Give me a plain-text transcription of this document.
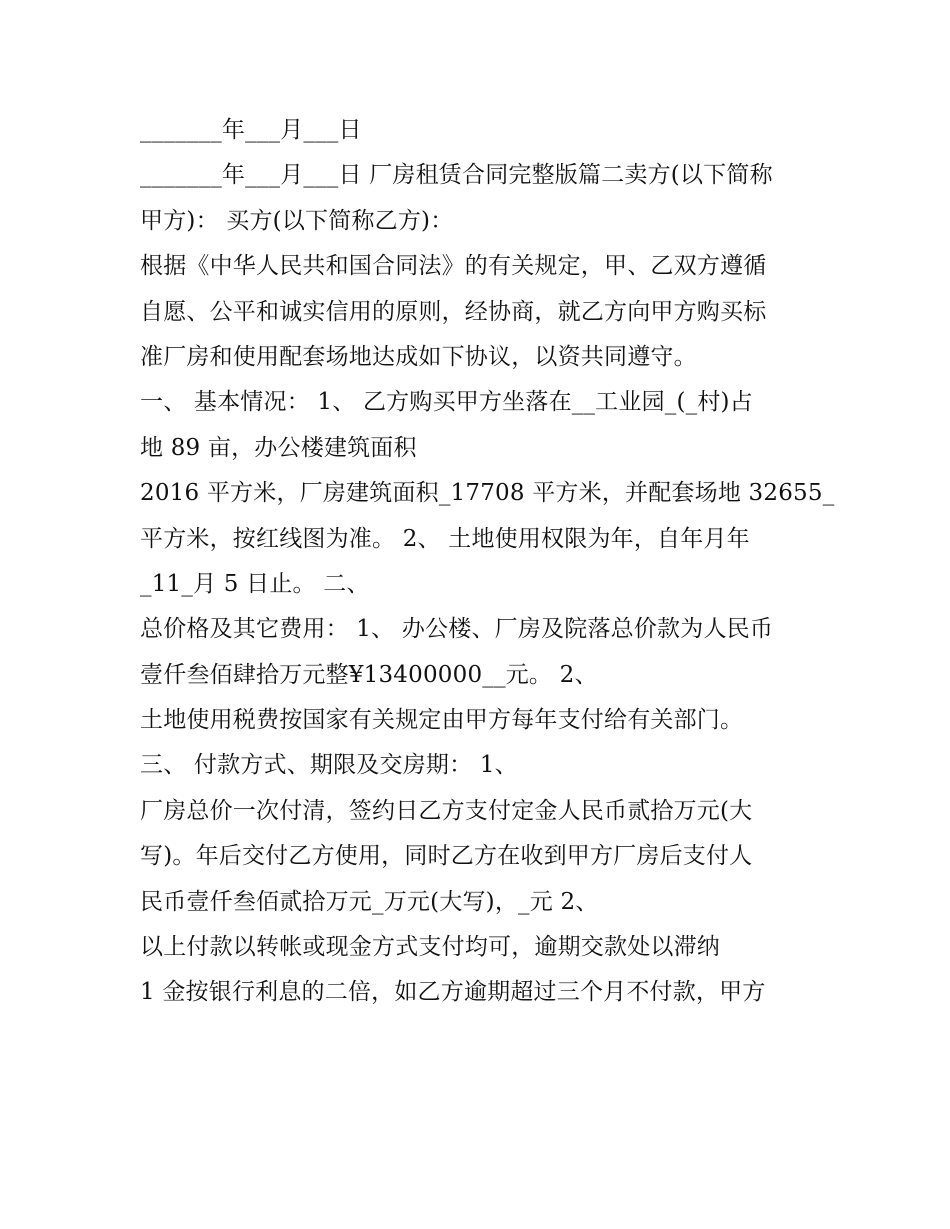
_______年___月___日
_______年___月___日 厂房租赁合同完整版篇二卖方(以下简称
甲方)： 买方(以下简称乙方)：
根据《中华人民共和国合同法》的有关规定，甲、乙双方遵循
自愿、公平和诚实信用的原则，经协商，就乙方向甲方购买标
准厂房和使用配套场地达成如下协议，以资共同遵守。
一、 基本情况： 1、 乙方购买甲方坐落在__工业园_(_村)占
地 89 亩，办公楼建筑面积
2016 平方米，厂房建筑面积_17708 平方米，并配套场地 32655_
平方米，按红线图为准。 2、 土地使用权限为年，自年月年
_11_月 5 日止。 二、
总价格及其它费用： 1、 办公楼、厂房及院落总价款为人民币
壹仟叁佰肆拾万元整¥13400000__元。 2、
土地使用税费按国家有关规定由甲方每年支付给有关部门。
三、 付款方式、期限及交房期： 1、
厂房总价一次付清，签约日乙方支付定金人民币贰拾万元(大
写)。年后交付乙方使用，同时乙方在收到甲方厂房后支付人
民币壹仟叁佰贰拾万元_万元(大写)，_元 2、
以上付款以转帐或现金方式支付均可，逾期交款处以滞纳
1 金按银行利息的二倍，如乙方逾期超过三个月不付款，甲方
